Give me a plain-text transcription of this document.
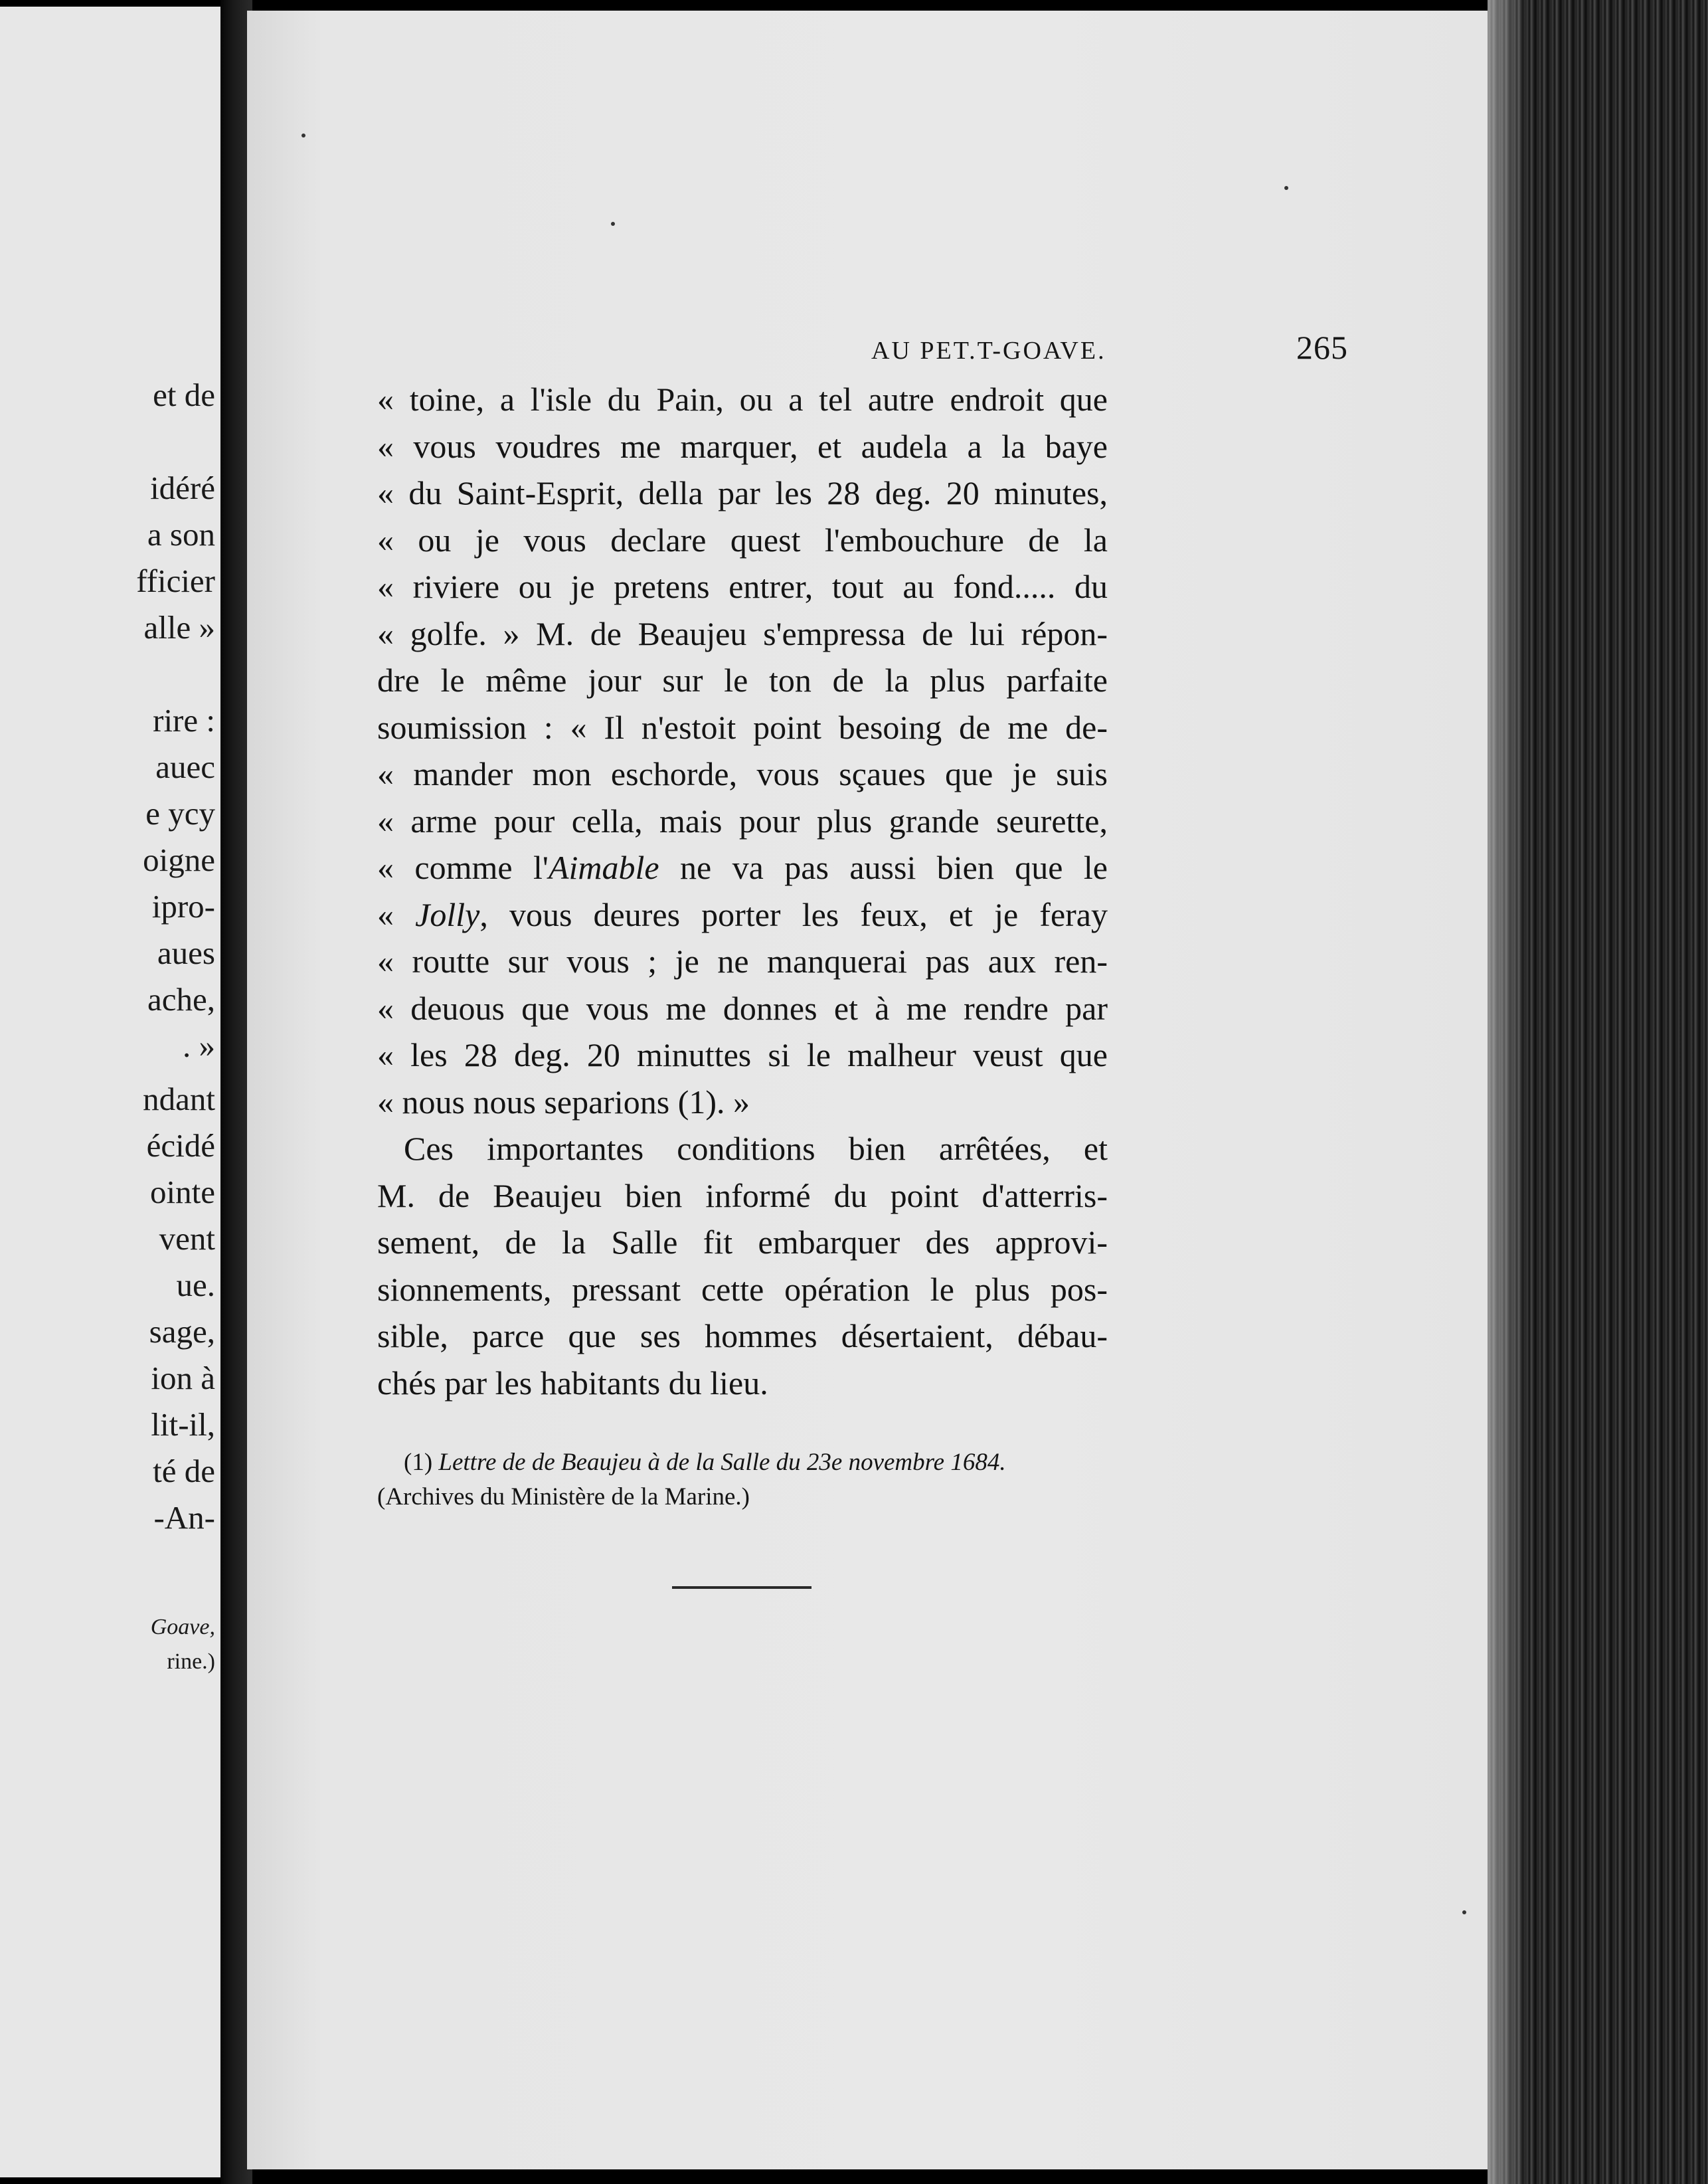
et de
idéré
a son
fficier
alle »
rire :
auec
e ycy
oigne
ipro-
aues
ache,
. »
ndant
écidé
ointe
vent
ue.
sage,
ion à
lit-il,
té de
-An-
Goave,
rine.)
AU PET.T-GOAVE.	265
« toine, a l'isle du Pain, ou a tel autre endroit que
« vous voudres me marquer, et audela a la baye
« du Saint-Esprit, della par les 28 deg. 20 minutes,
« ou je vous declare quest l'embouchure de la
« riviere ou je pretens entrer, tout au fond..... du
« golfe. » M. de Beaujeu s'empressa de lui répon-
dre le même jour sur le ton de la plus parfaite
soumission : « Il n'estoit point besoing de me de-
« mander mon eschorde, vous sçaues que je suis
« arme pour cella, mais pour plus grande seurette,
« comme l'Aimable ne va pas aussi bien que le
« Jolly, vous deures porter les feux, et je feray
« routte sur vous ; je ne manquerai pas aux ren-
« deuous que vous me donnes et à me rendre par
« les 28 deg. 20 minuttes si le malheur veust que
« nous nous separions (1). »
Ces importantes conditions bien arrêtées, et
M. de Beaujeu bien informé du point d'atterris-
sement, de la Salle fit embarquer des approvi-
sionnements, pressant cette opération le plus pos-
sible, parce que ses hommes désertaient, débau-
chés par les habitants du lieu.
(1) Lettre de de Beaujeu à de la Salle du 23e novembre 1684.
(Archives du Ministère de la Marine.)
